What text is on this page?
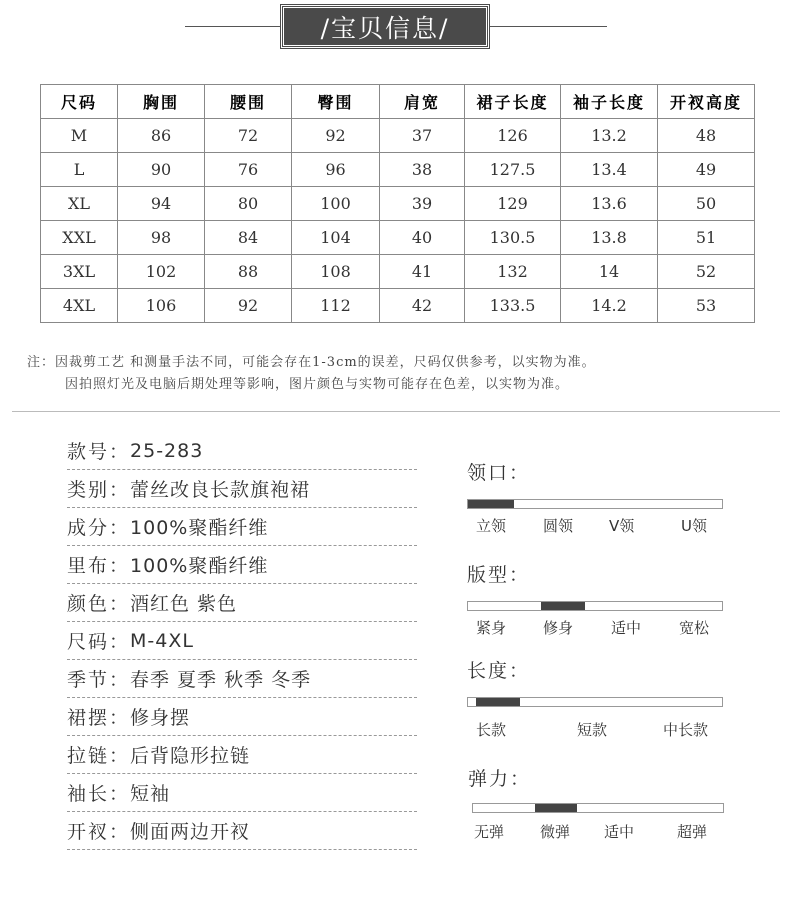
/宝贝信息/
尺码	胸围	腰围	臀围	肩宽	裙子长度	袖子长度	开衩高度
M	86	72	92	37	126	13.2	48
L	90	76	96	38	127.5	13.4	49
XL	94	80	100	39	129	13.6	50
XXL	98	84	104	40	130.5	13.8	51
3XL	102	88	108	41	132	14	52
4XL	106	92	112	42	133.5	14.2	53
注：因裁剪工艺 和测量手法不同，可能会存在1-3cm的误差，尺码仅供参考，以实物为准。
因拍照灯光及电脑后期处理等影响，图片颜色与实物可能存在色差，以实物为准。
款号： 25-283
类别： 蕾丝改良长款旗袍裙
成分： 100%聚酯纤维
里布： 100%聚酯纤维
颜色： 酒红色 紫色
尺码： M-4XL
季节： 春季 夏季 秋季 冬季
裙摆： 修身摆
拉链： 后背隐形拉链
袖长： 短袖
开衩： 侧面两边开衩
领口：
立领 圆领 V领	U领
版型：
紧身 修身	适中	宽松
长度：
长款	短款	中长款
弹力：
无弹 微弹 适中	超弹
